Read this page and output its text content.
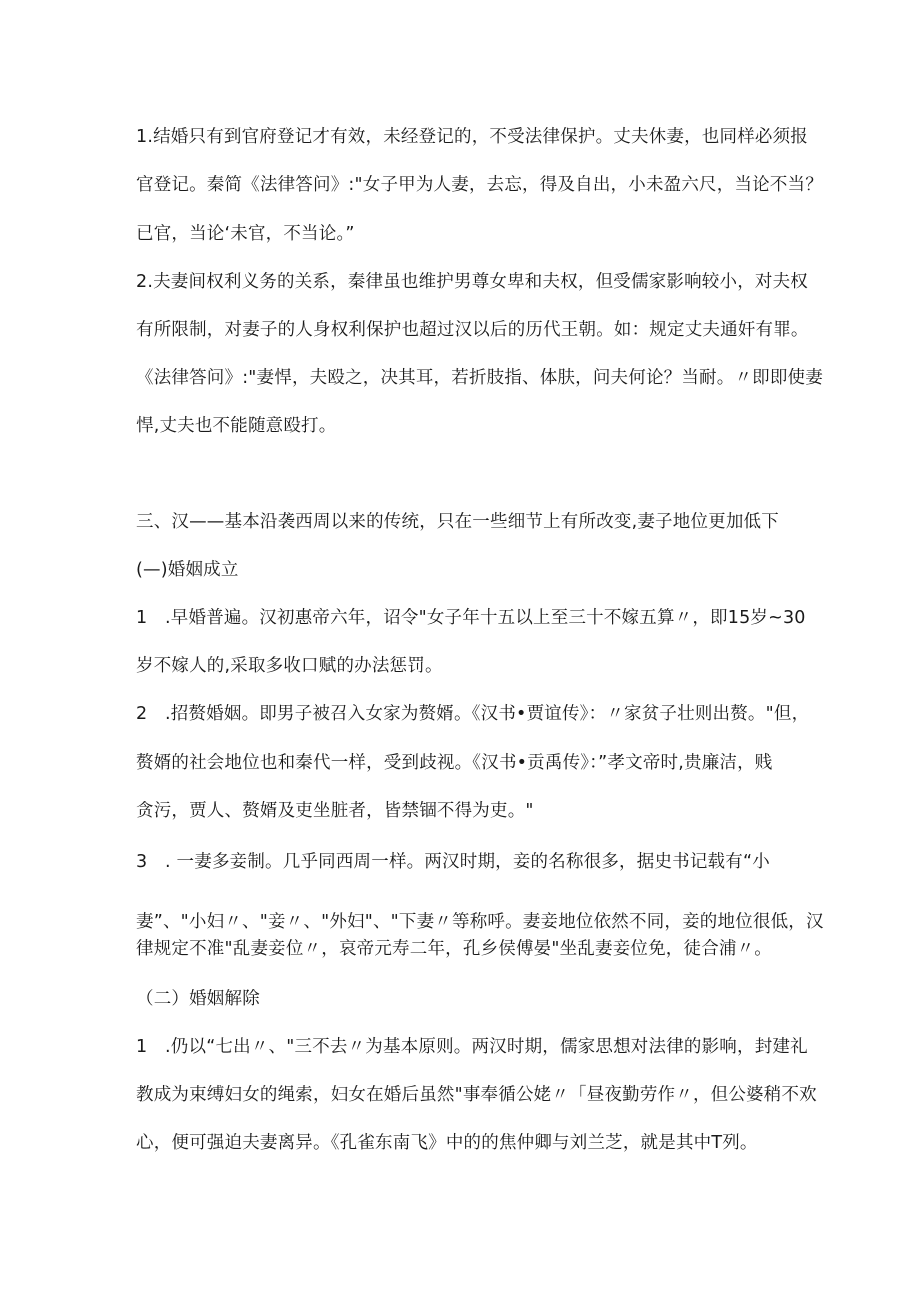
1.结婚只有到官府登记才有效，未经登记的，不受法律保护。丈夫休妻，也同样必须报
官登记。秦简《法律答问》:"女子甲为人妻，去忘，得及自出，小未盈六尺，当论不当？
已官，当论‘未官，不当论。”
2.夫妻间权利义务的关系，秦律虽也维护男尊女卑和夫权，但受儒家影响较小，对夫权
有所限制，对妻子的人身权利保护也超过汉以后的历代王朝。如：规定丈夫通奸有罪。
《法律答问》:"妻悍，夫殴之，决其耳，若折肢指、体肤，问夫何论？当耐。〃即即使妻
悍,丈夫也不能随意殴打。
三、汉——基本沿袭西周以来的传统，只在一些细节上有所改变,妻子地位更加低下
(—)婚姻成立
1　.早婚普遍。汉初惠帝六年，诏令"女子年十五以上至三十不嫁五算〃，即15岁~30
岁不嫁人的,采取多收口赋的办法惩罚。
2　.招赘婚姻。即男子被召入女家为赘婿。《汉书•贾谊传》：〃家贫子壮则出赘。"但，
赘婿的社会地位也和秦代一样，受到歧视。《汉书•贡禹传》：”孝文帝时,贵廉洁，贱
贪污，贾人、赘婿及吏坐脏者，皆禁锢不得为吏。"
3　. 一妻多妾制。几乎同西周一样。两汉时期，妾的名称很多，据史书记载有“小
妻”、"小妇〃、"妾〃、"外妇"、"下妻〃等称呼。妻妾地位依然不同，妾的地位很低，汉
律规定不准"乱妻妾位〃，哀帝元寿二年，孔乡侯傅晏"坐乱妻妾位免，徒合浦〃。
（二）婚姻解除
1　.仍以“七出〃、"三不去〃为基本原则。两汉时期，儒家思想对法律的影响，封建礼
教成为束缚妇女的绳索，妇女在婚后虽然"事奉循公姥〃「昼夜勤劳作〃，但公婆稍不欢
心，便可强迫夫妻离异。《孔雀东南飞》中的的焦仲卿与刘兰芝，就是其中T列。
